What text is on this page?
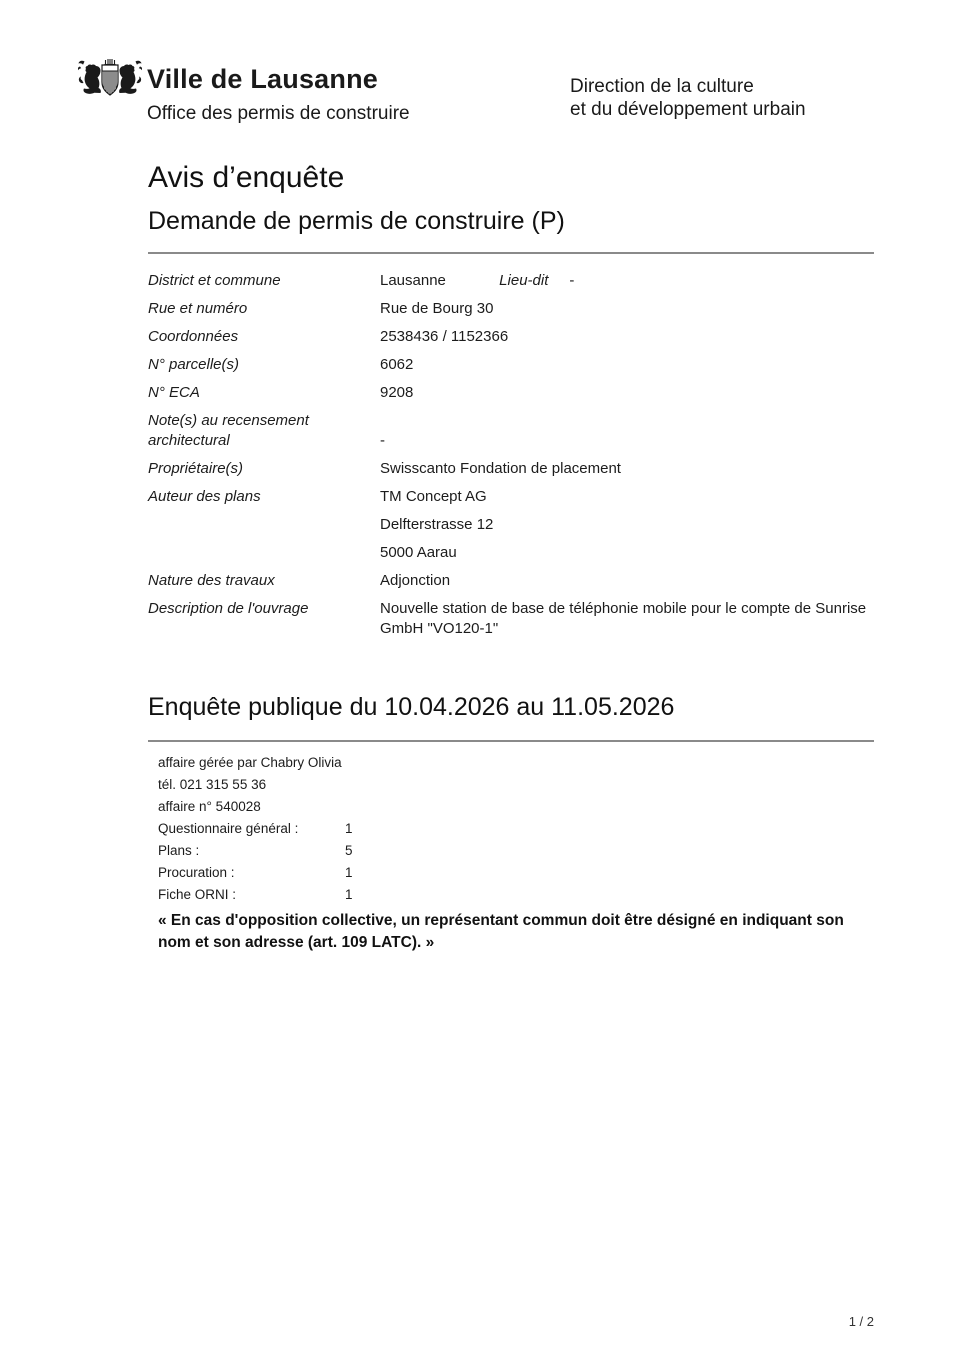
Ville de Lausanne
Office des permis de construire
Direction de la culture
et du développement urbain
Avis d’enquête
Demande de permis de construire (P)
District et commune	Lausanne	Lieu-dit -
Rue et numéro	Rue de Bourg 30
Coordonnées	2538436 / 1152366
N° parcelle(s)	6062
N° ECA	9208
Note(s) au recensement architectural	-
Propriétaire(s)	Swisscanto Fondation de placement
Auteur des plans	TM Concept AG
Delfterstrasse 12
5000 Aarau
Nature des travaux	Adjonction
Description de l'ouvrage	Nouvelle station de base de téléphonie mobile pour le compte de Sunrise GmbH "VO120-1"
Enquête publique du 10.04.2026 au 11.05.2026
affaire gérée par Chabry Olivia
tél. 021 315 55 36
affaire n° 540028
Questionnaire général :	1
Plans :	5
Procuration :	1
Fiche ORNI :	1
« En cas d'opposition collective, un représentant commun doit être désigné en indiquant son nom et son adresse (art. 109 LATC). »
1 / 2
